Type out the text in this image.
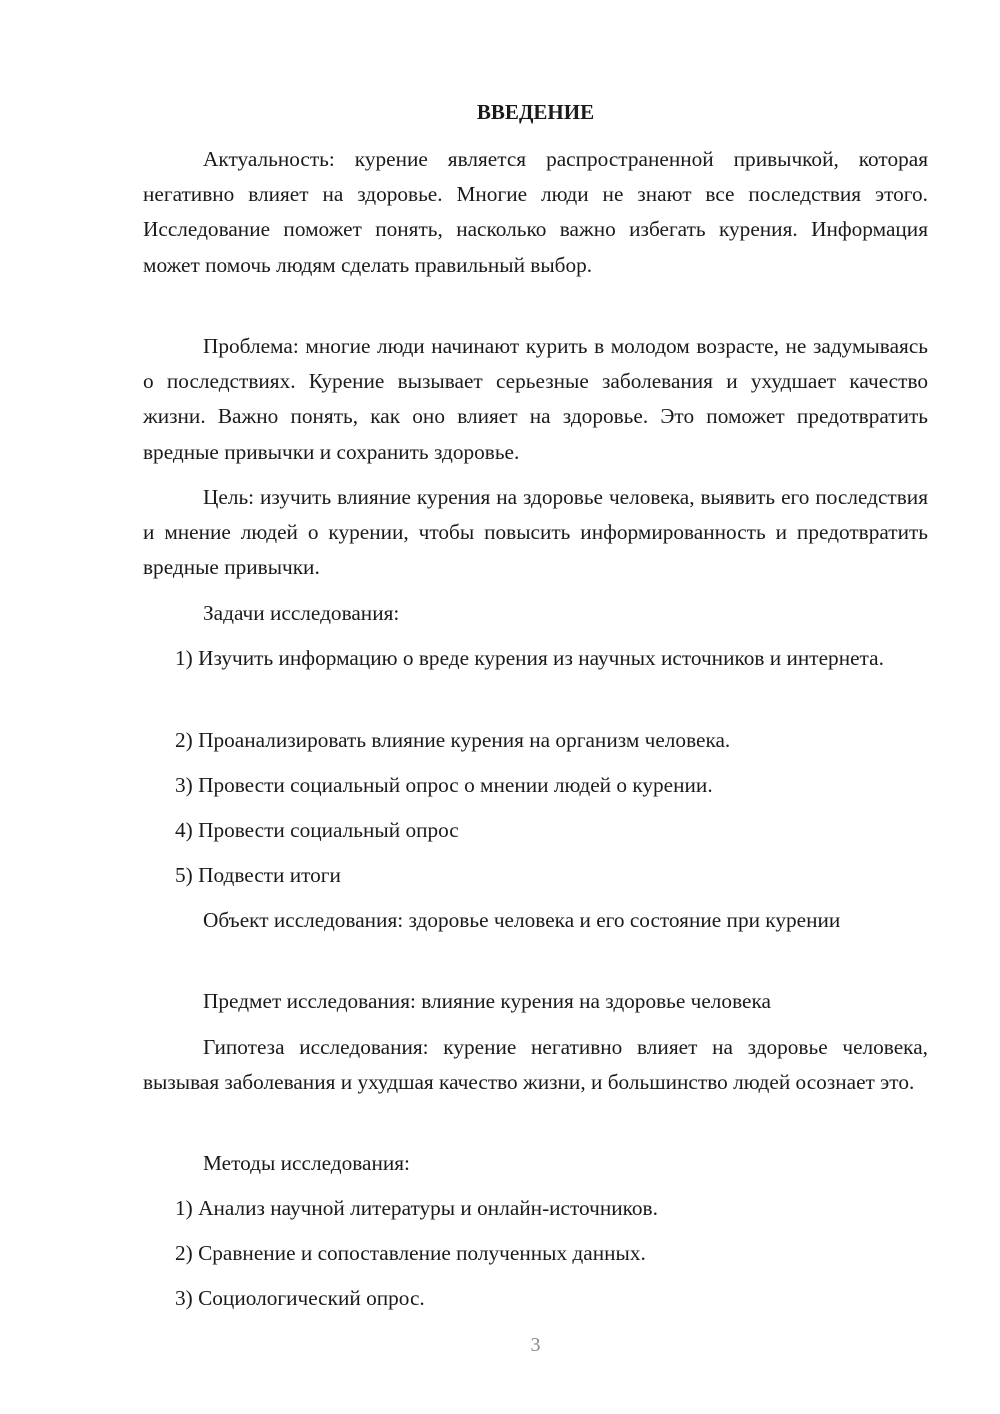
ВВЕДЕНИЕ

Актуальность: курение является распространенной привычкой, которая негативно влияет на здоровье. Многие люди не знают все последствия этого. Исследование поможет понять, насколько важно избегать курения. Информация может помочь людям сделать правильный выбор.

Проблема: многие люди начинают курить в молодом возрасте, не задумываясь о последствиях. Курение вызывает серьезные заболевания и ухудшает качество жизни. Важно понять, как оно влияет на здоровье. Это поможет предотвратить вредные привычки и сохранить здоровье.

Цель: изучить влияние курения на здоровье человека, выявить его последствия и мнение людей о курении, чтобы повысить информированность и предотвратить вредные привычки.

Задачи исследования:

1) Изучить информацию о вреде курения из научных источников и интернета.

2) Проанализировать влияние курения на организм человека.

3) Провести социальный опрос о мнении людей о курении.

4) Провести социальный опрос

5) Подвести итоги

Объект исследования: здоровье человека и его состояние при курении

Предмет исследования: влияние курения на здоровье человека

Гипотеза исследования: курение негативно влияет на здоровье человека, вызывая заболевания и ухудшая качество жизни, и большинство людей осознает это.

Методы исследования:

1) Анализ научной литературы и онлайн-источников.

2) Сравнение и сопоставление полученных данных.

3) Социологический опрос.

3
